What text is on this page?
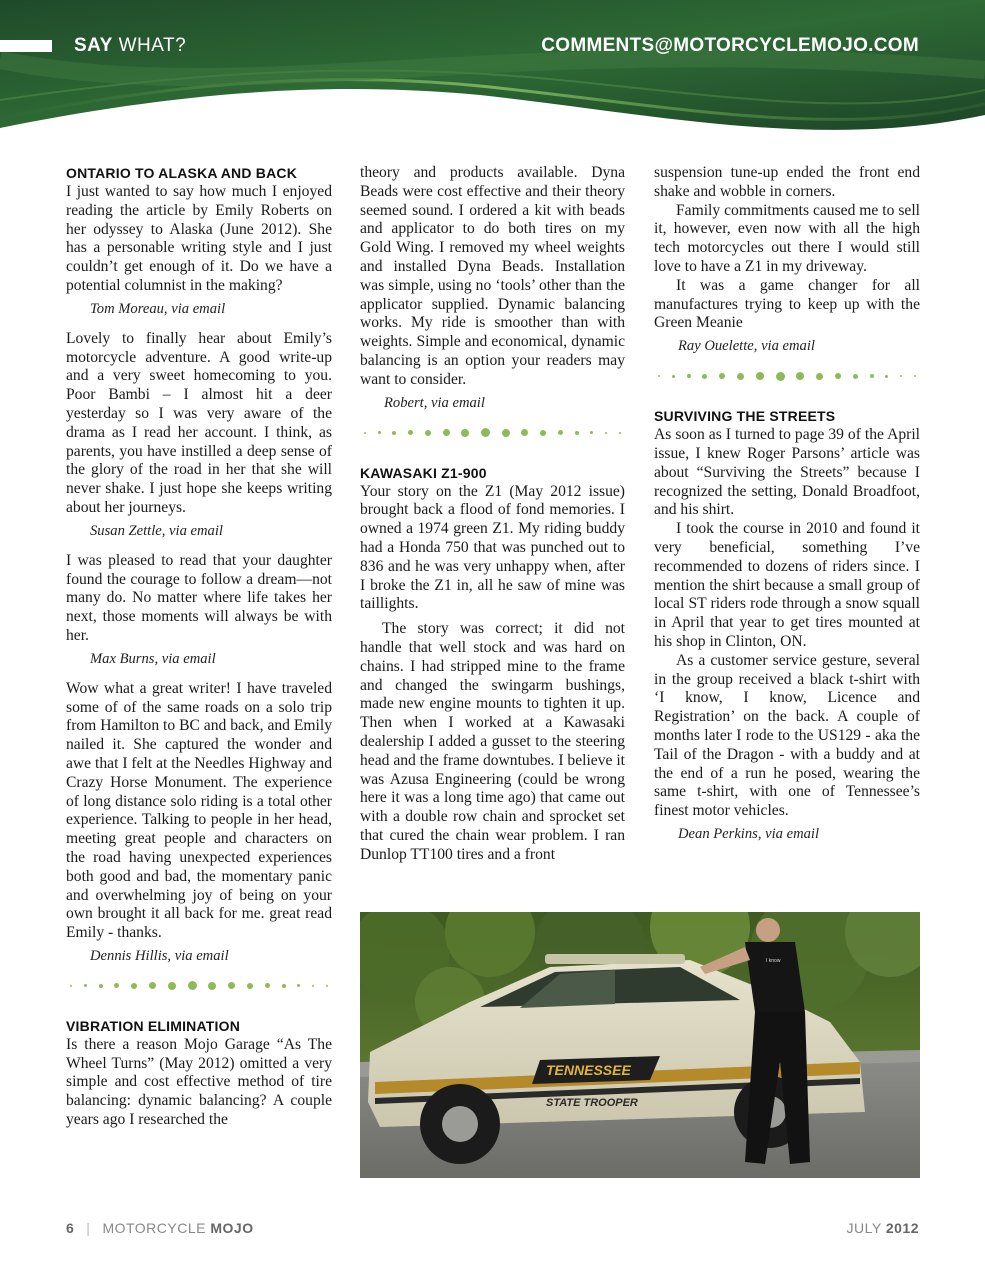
SAY WHAT?	COMMENTS@MOTORCYCLEMOJO.COM
ONTARIO TO ALASKA AND BACK

I just wanted to say how much I enjoyed reading the article by Emily Roberts on her odyssey to Alaska (June 2012). She has a personable writing style and I just couldn’t get enough of it. Do we have a potential columnist in the making?

Tom Moreau, via email

Lovely to finally hear about Emily’s motorcycle adventure. A good write-up and a very sweet homecoming to you. Poor Bambi – I almost hit a deer yesterday so I was very aware of the drama as I read her account. I think, as parents, you have instilled a deep sense of the glory of the road in her that she will never shake. I just hope she keeps writing about her journeys.

Susan Zettle, via email

I was pleased to read that your daughter found the courage to follow a dream—not many do. No matter where life takes her next, those moments will always be with her.

Max Burns, via email

Wow what a great writer! I have traveled some of of the same roads on a solo trip from Hamilton to BC and back, and Emily nailed it. She captured the wonder and awe that I felt at the Needles Highway and Crazy Horse Monument. The experience of long distance solo riding is a total other experience. Talking to people in her head, meeting great people and characters on the road having unexpected experiences both good and bad, the momentary panic and overwhelming joy of being on your own brought it all back for me. great read Emily - thanks.

Dennis Hillis, via email
VIBRATION ELIMINATION

Is there a reason Mojo Garage “As The Wheel Turns” (May 2012) omitted a very simple and cost effective method of tire balancing: dynamic balancing? A couple years ago I researched the

theory and products available. Dyna Beads were cost effective and their theory seemed sound. I ordered a kit with beads and applicator to do both tires on my Gold Wing. I removed my wheel weights and installed Dyna Beads. Installation was simple, using no ‘tools’ other than the applicator supplied. Dynamic balancing works. My ride is smoother than with weights. Simple and economical, dynamic balancing is an option your readers may want to consider.

Robert, via email
KAWASAKI Z1-900

Your story on the Z1 (May 2012 issue) brought back a flood of fond memories. I owned a 1974 green Z1. My riding buddy had a Honda 750 that was punched out to 836 and he was very unhappy when, after I broke the Z1 in, all he saw of mine was taillights.

The story was correct; it did not handle that well stock and was hard on chains. I had stripped mine to the frame and changed the swingarm bushings, made new engine mounts to tighten it up. Then when I worked at a Kawasaki dealership I added a gusset to the steering head and the frame downtubes. I believe it was Azusa Engineering (could be wrong here it was a long time ago) that came out with a double row chain and sprocket set that cured the chain wear problem. I ran Dunlop TT100 tires and a front

suspension tune-up ended the front end shake and wobble in corners.

Family commitments caused me to sell it, however, even now with all the high tech motorcycles out there I would still love to have a Z1 in my driveway.

It was a game changer for all manufactures trying to keep up with the Green Meanie

Ray Ouelette, via email
SURVIVING THE STREETS

As soon as I turned to page 39 of the April issue, I knew Roger Parsons’ article was about “Surviving the Streets” because I recognized the setting, Donald Broadfoot, and his shirt.

I took the course in 2010 and found it very beneficial, something I’ve recommended to dozens of riders since. I mention the shirt because a small group of local ST riders rode through a snow squall in April that year to get tires mounted at his shop in Clinton, ON.

As a customer service gesture, several in the group received a black t-shirt with ‘I know, I know, Licence and Registration’ on the back. A couple of months later I rode to the US129 - aka the Tail of the Dragon - with a buddy and at the end of a run he posed, wearing the same t-shirt, with one of Tennessee’s finest motor vehicles.

Dean Perkins, via email
TENNESSEE
STATE TROOPER
I know
6 | MOTORCYCLE MOJO	JULY 2012
